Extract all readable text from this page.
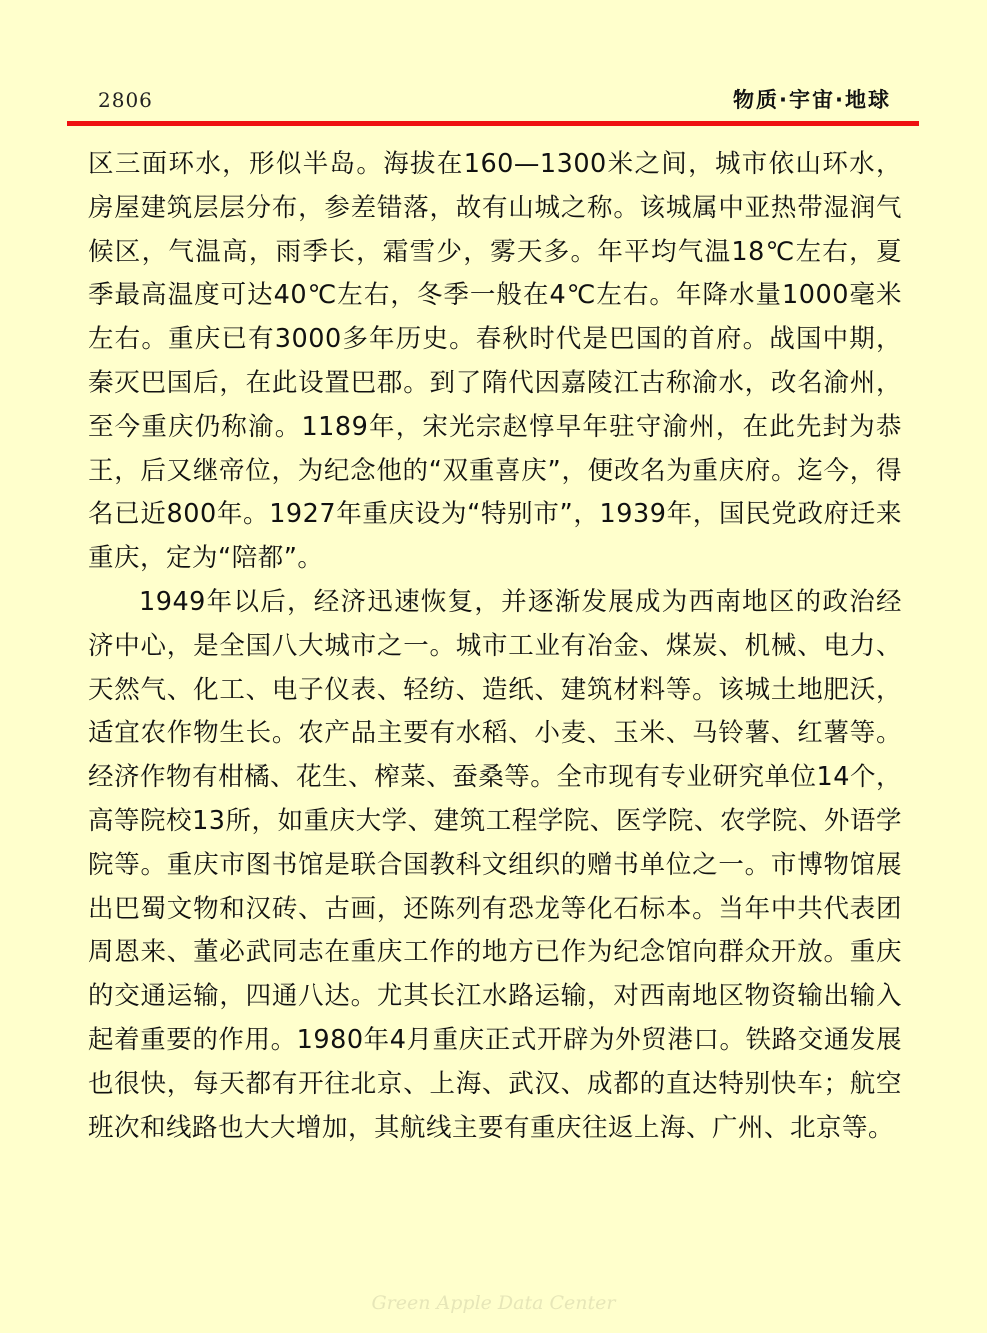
2806	物质·宇宙·地球

区三面环水，形似半岛。海拔在160—1300米之间，城市依山环水，房屋建筑层层分布，参差错落，故有山城之称。该城属中亚热带湿润气候区，气温高，雨季长，霜雪少，雾天多。年平均气温18℃左右，夏季最高温度可达40℃左右，冬季一般在4℃左右。年降水量1000毫米左右。重庆已有3000多年历史。春秋时代是巴国的首府。战国中期，秦灭巴国后，在此设置巴郡。到了隋代因嘉陵江古称渝水，改名渝州，至今重庆仍称渝。1189年，宋光宗赵惇早年驻守渝州，在此先封为恭王，后又继帝位，为纪念他的“双重喜庆”，便改名为重庆府。迄今，得名已近800年。1927年重庆设为“特别市”，1939年，国民党政府迁来重庆，定为“陪都”。

1949年以后，经济迅速恢复，并逐渐发展成为西南地区的政治经济中心，是全国八大城市之一。城市工业有冶金、煤炭、机械、电力、天然气、化工、电子仪表、轻纺、造纸、建筑材料等。该城土地肥沃，适宜农作物生长。农产品主要有水稻、小麦、玉米、马铃薯、红薯等。经济作物有柑橘、花生、榨菜、蚕桑等。全市现有专业研究单位14个，高等院校13所，如重庆大学、建筑工程学院、医学院、农学院、外语学院等。重庆市图书馆是联合国教科文组织的赠书单位之一。市博物馆展出巴蜀文物和汉砖、古画，还陈列有恐龙等化石标本。当年中共代表团周恩来、董必武同志在重庆工作的地方已作为纪念馆向群众开放。重庆的交通运输，四通八达。尤其长江水路运输，对西南地区物资输出输入起着重要的作用。1980年4月重庆正式开辟为外贸港口。铁路交通发展也很快，每天都有开往北京、上海、武汉、成都的直达特别快车；航空班次和线路也大大增加，其航线主要有重庆往返上海、广州、北京等。

Green Apple Data Center
